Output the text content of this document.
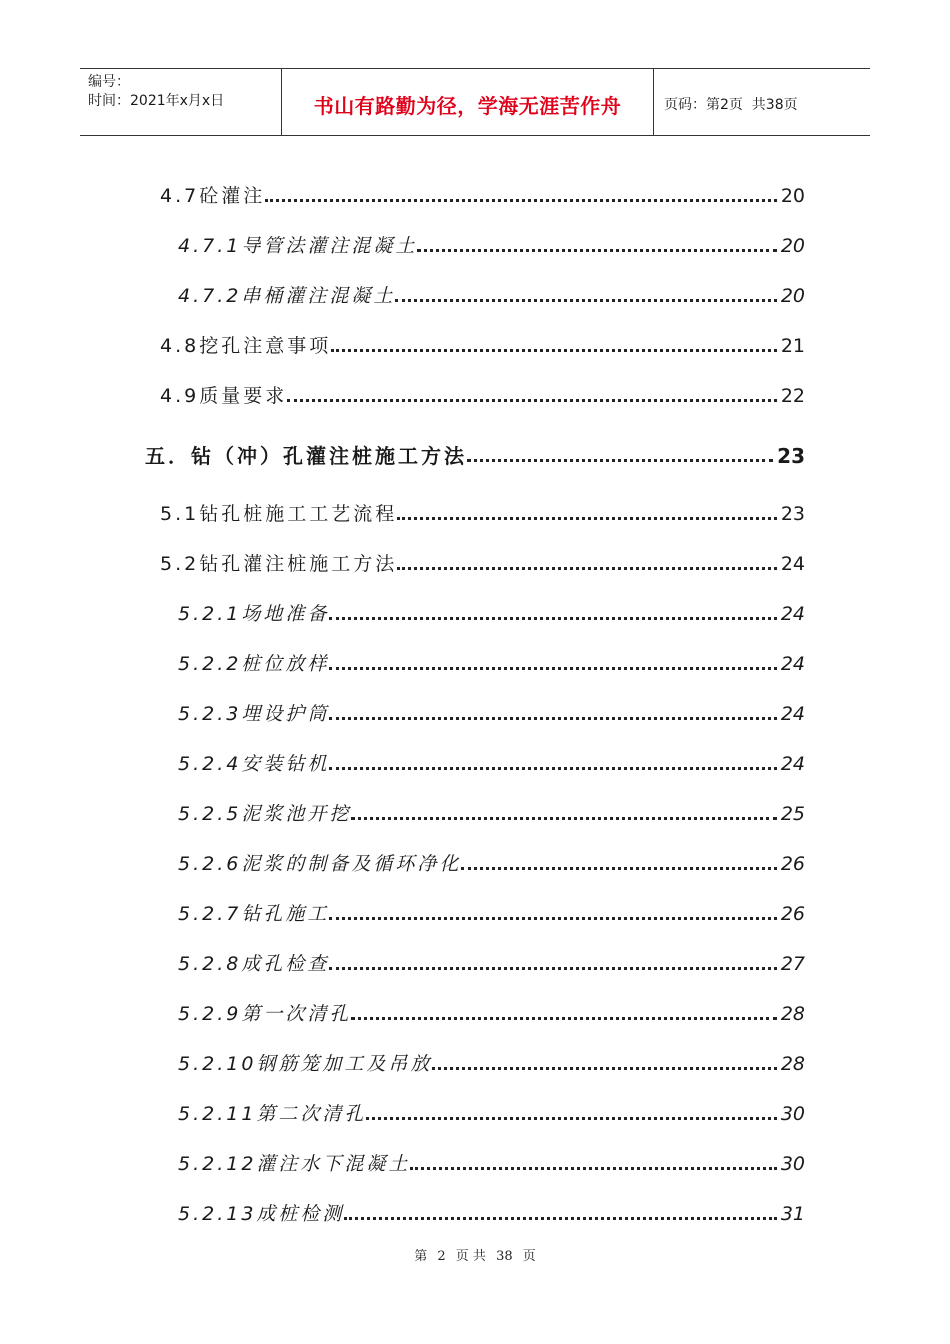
编号：
时间：2021年x月x日	书山有路勤为径，学海无涯苦作舟	页码：第2页  共38页
4.7砼灌注	20
4.7.1导管法灌注混凝土	20
4.7.2串桶灌注混凝土	20
4.8挖孔注意事项	21
4.9质量要求	22
五．钻（冲）孔灌注桩施工方法	23
5.1钻孔桩施工工艺流程	23
5.2钻孔灌注桩施工方法	24
5.2.1场地准备	24
5.2.2桩位放样	24
5.2.3埋设护筒	24
5.2.4安装钻机	24
5.2.5泥浆池开挖	25
5.2.6泥浆的制备及循环净化	26
5.2.7钻孔施工	26
5.2.8成孔检查	27
5.2.9第一次清孔	28
5.2.10钢筋笼加工及吊放	28
5.2.11第二次清孔	30
5.2.12灌注水下混凝土	30
5.2.13成桩检测	31
第 2 页 共 38 页
